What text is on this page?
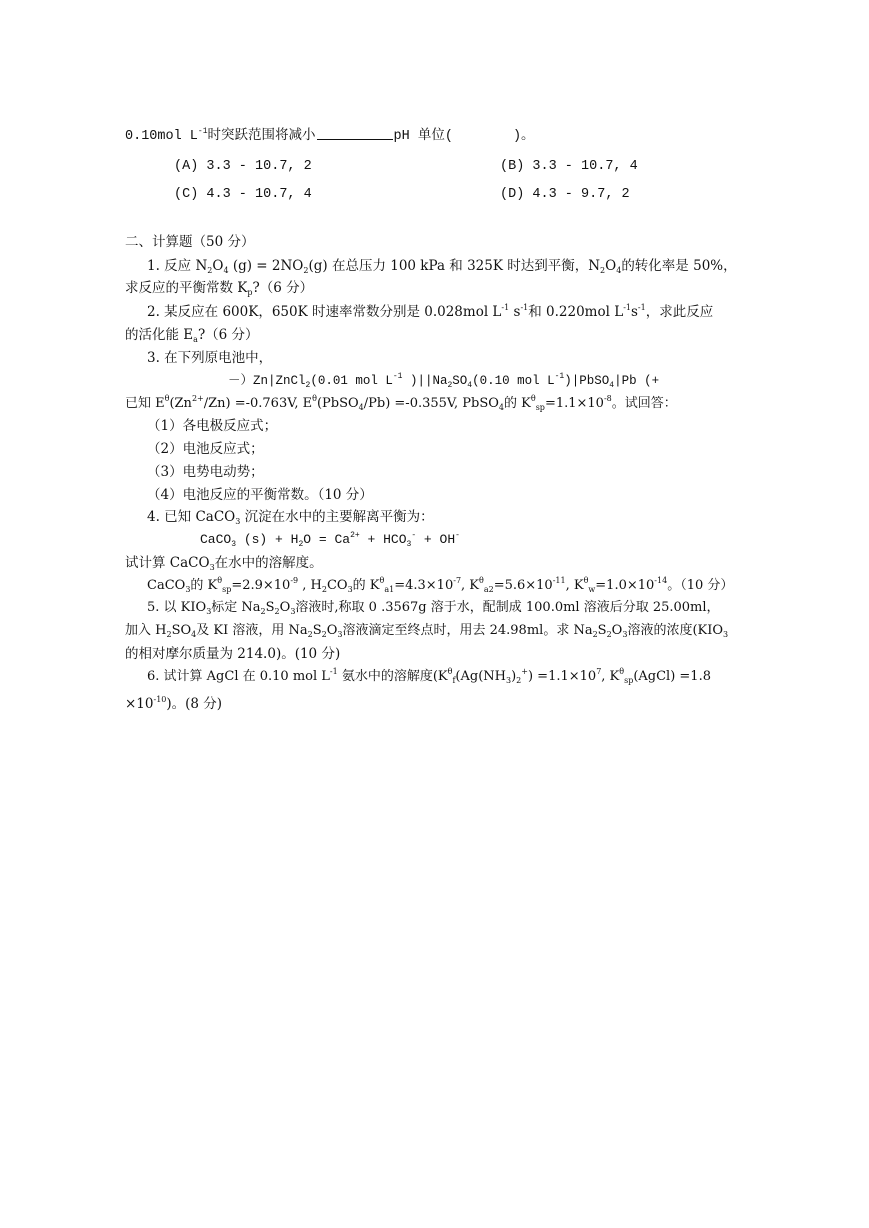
0.10mol $L^{-1}$时突跃范围将减小	pH 单位(	)。
(A) 3.3 - 10.7, 2	(B) 3.3 - 10.7, 4
(C) 4.3 - 10.7, 4	(D) 4.3 - 9.7, 2
二、计算题（50 分）
1. 反应 $N_2O_4$ $(g) = 2NO_2(g)$ 在总压力 100 kPa 和 325K 时达到平衡，$N_2O_4$的转化率是 50%，
求反应的平衡常数 $K_p?(6$ 分）
2. 某反应在 600K，650K 时速率常数分别是 0.028mol $L^{-1}$ $s^{-1}$和 0.220mol $L^{-1}s^{-1}$，求此反应
的活化能 $E_a?(6$ 分）
3. 在下列原电池中，
－）Zn|ZnCl$_2$(0.01 mol $L^{-1}$ )$||Na_2SO_4(0.10$ mol $L^{-1})|PbSO_4|Pb$ (+
已知 $E^\theta(Zn^{2+}/Zn) =-0.763V$, $E^\theta(PbSO_4/Pb) =-0.355V$, PbSO$_4$的 $K^\theta_{sp}=1.1\times 10^{-8}$。试回答：
（1）各电极反应式；
（2）电池反应式；
（3）电势电动势；
（4）电池反应的平衡常数。（10 分）
4. 已知 CaCO$_3$ 沉淀在水中的主要解离平衡为：
CaCO$_3$ $(s) + H_2O = Ca^{2+} + HCO_3^- + OH^-$
试计算 CaCO$_3$在水中的溶解度。
CaCO$_3$的 $K^\theta_{sp}=2.9\times 10^{-9}$ , $H_2CO_3$的 $K^\theta_{a1}=4.3\times 10^{-7}$, $K^\theta_{a2}=5.6\times 10^{-11}$, $K^\theta_w=1.0\times 10^{-14}$。（10 分）
5. 以 $KIO_3$标定 $Na_2S_2O_3$溶液时,称取 0 .3567g 溶于水，配制成 100.0ml 溶液后分取 25.00ml，
加入 $H_2SO_4$及 KI 溶液，用 $Na_2S_2O_3$溶液滴定至终点时，用去 24.98ml。求 $Na_2S_2O_3$溶液的浓度($KIO_3$
的相对摩尔质量为 214.0)。(10 分)
6. 试计算 AgCl 在 0.10 mol $L^{-1}$ 氨水中的溶解度($K^\theta_f(Ag(NH_3)_2^+) =1.1\times 10^7$, $K^\theta_{sp}(AgCl) =1.8$
$\times 10^{-10}$)。(8 分)
